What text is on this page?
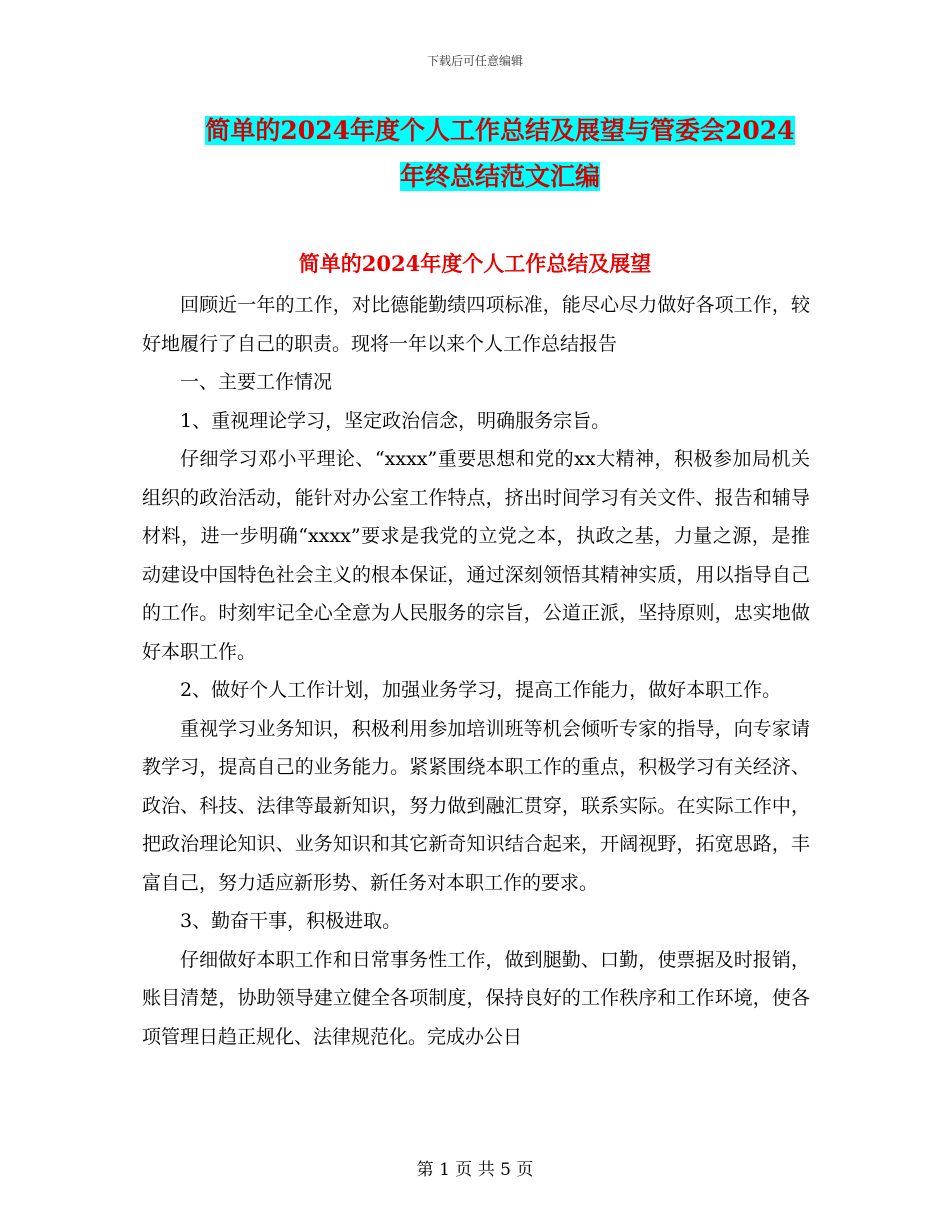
下载后可任意编辑
简单的2024年度个人工作总结及展望与管委会2024
年终总结范文汇编
简单的2024年度个人工作总结及展望

回顾近一年的工作，对比德能勤绩四项标准，能尽心尽力做好各项工作，较好地履行了自己的职责。现将一年以来个人工作总结报告

一、主要工作情况

1、重视理论学习，坚定政治信念，明确服务宗旨。

仔细学习邓小平理论、“xxxx”重要思想和党的xx大精神，积极参加局机关组织的政治活动，能针对办公室工作特点，挤出时间学习有关文件、报告和辅导材料，进一步明确“xxxx”要求是我党的立党之本，执政之基，力量之源，是推动建设中国特色社会主义的根本保证，通过深刻领悟其精神实质，用以指导自己的工作。时刻牢记全心全意为人民服务的宗旨，公道正派，坚持原则，忠实地做好本职工作。

2、做好个人工作计划，加强业务学习，提高工作能力，做好本职工作。

重视学习业务知识，积极利用参加培训班等机会倾听专家的指导，向专家请教学习，提高自己的业务能力。紧紧围绕本职工作的重点，积极学习有关经济、政治、科技、法律等最新知识，努力做到融汇贯穿，联系实际。在实际工作中，把政治理论知识、业务知识和其它新奇知识结合起来，开阔视野，拓宽思路，丰富自己，努力适应新形势、新任务对本职工作的要求。

3、勤奋干事，积极进取。

仔细做好本职工作和日常事务性工作，做到腿勤、口勤，使票据及时报销，账目清楚，协助领导建立健全各项制度，保持良好的工作秩序和工作环境，使各项管理日趋正规化、法律规范化。完成办公日

第 1 页 共 5 页
